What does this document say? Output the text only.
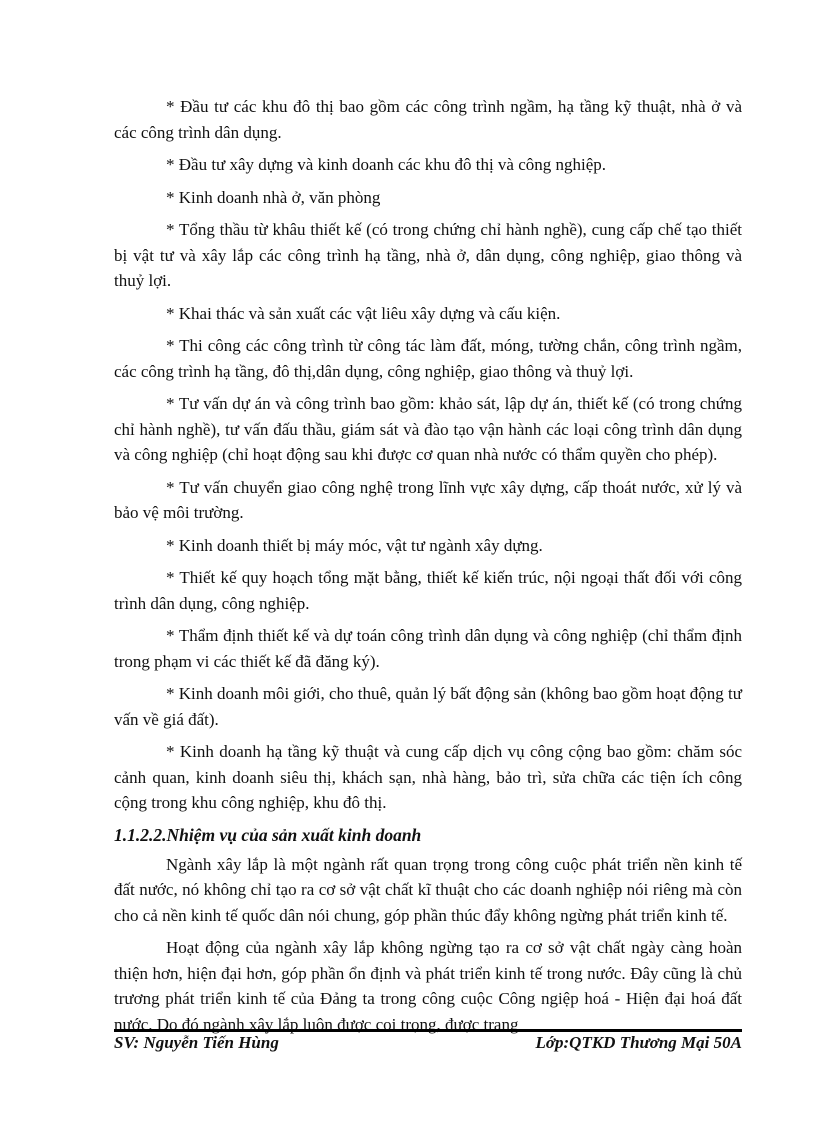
* Đầu tư các khu đô thị bao gồm các công trình ngầm, hạ tầng kỹ thuật, nhà ở và các công trình dân dụng.

* Đầu tư xây dựng và kinh doanh các khu đô thị và công nghiệp.

* Kinh doanh nhà ở, văn phòng

* Tổng thầu từ khâu thiết kế (có trong chứng chỉ hành nghề), cung cấp chế tạo thiết bị vật tư và xây lắp các công trình hạ tầng, nhà ở, dân dụng, công nghiệp, giao thông và thuỷ lợi.

* Khai thác và sản xuất các vật liêu xây dựng và cấu kiện.

* Thi công các công trình từ công tác làm đất, móng, tường chắn, công trình ngầm, các công trình hạ tầng, đô thị,dân dụng, công nghiệp, giao thông và thuỷ lợi.

* Tư vấn dự án và công trình bao gồm: khảo sát, lập dự án, thiết kế (có trong chứng chỉ hành nghề), tư vấn đấu thầu, giám sát và đào tạo vận hành các loại công trình dân dụng và công nghiệp (chỉ hoạt động sau khi được cơ quan nhà nước có thẩm quyền cho phép).

* Tư vấn chuyển giao công nghệ trong lĩnh vực xây dựng, cấp thoát nước, xử lý và bảo vệ môi trường.

* Kinh doanh thiết bị máy móc, vật tư ngành xây dựng.

* Thiết kế quy hoạch tổng mặt bằng, thiết kế kiến trúc, nội ngoại thất đối với công trình dân dụng, công nghiệp.

* Thẩm định thiết kế và dự toán công trình dân dụng và công nghiệp (chỉ thẩm định trong phạm vi các thiết kế đã đăng ký).

* Kinh doanh môi giới, cho thuê, quản lý bất động sản (không bao gồm hoạt động tư vấn về giá đất).

* Kinh doanh hạ tầng kỹ thuật và cung cấp dịch vụ công cộng bao gồm: chăm sóc cảnh quan, kinh doanh siêu thị, khách sạn, nhà hàng, bảo trì, sửa chữa các tiện ích công cộng trong khu công nghiệp, khu đô thị.

1.1.2.2.Nhiệm vụ của sản xuất kinh doanh

Ngành xây lắp là một ngành rất quan trọng trong công cuộc phát triển nền kinh tế đất nước, nó không chỉ tạo ra cơ sở vật chất kĩ thuật cho các doanh nghiệp nói riêng mà còn cho cả nền kinh tế quốc dân nói chung, góp phần thúc đẩy không ngừng phát triển kinh tế.

Hoạt động của ngành xây lắp không ngừng tạo ra cơ sở vật chất ngày càng hoàn thiện hơn, hiện đại hơn, góp phần ổn định và phát triển kinh tế trong nước. Đây cũng là chủ trương phát triển kinh tế của Đảng ta trong công cuộc Công ngiệp hoá - Hiện đại hoá đất nước. Do đó ngành xây lắp luôn được coi trọng, được trang

SV: Nguyễn Tiến Hùng	Lớp:QTKD Thương Mại 50A
